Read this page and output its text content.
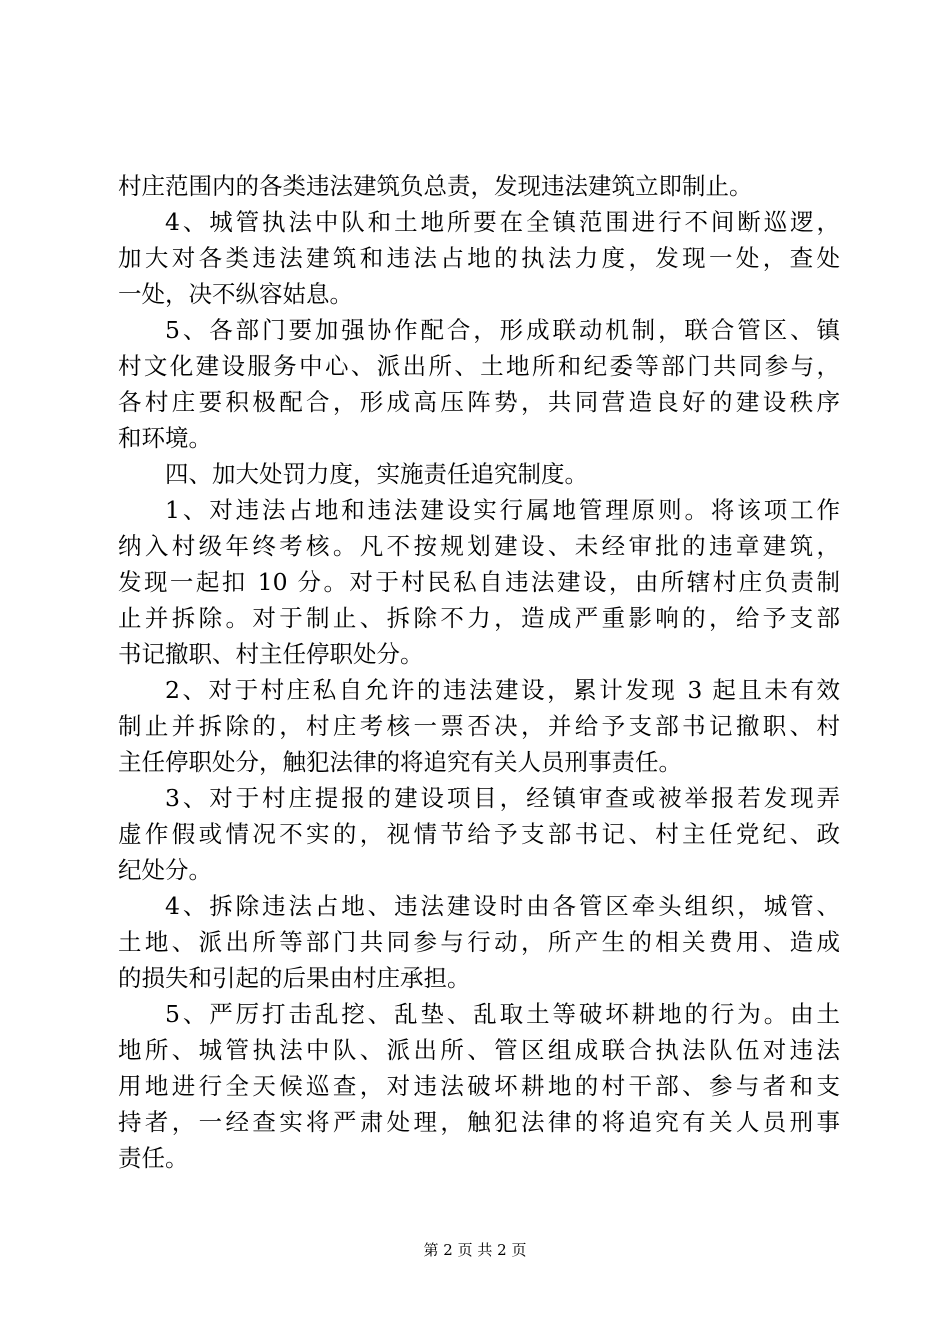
村庄范围内的各类违法建筑负总责，发现违法建筑立即制止。
4、城管执法中队和土地所要在全镇范围进行不间断巡逻，
加大对各类违法建筑和违法占地的执法力度，发现一处，查处
一处，决不纵容姑息。
5、各部门要加强协作配合，形成联动机制，联合管区、镇
村文化建设服务中心、派出所、土地所和纪委等部门共同参与，
各村庄要积极配合，形成高压阵势，共同营造良好的建设秩序
和环境。
四、加大处罚力度，实施责任追究制度。
1、对违法占地和违法建设实行属地管理原则。将该项工作
纳入村级年终考核。凡不按规划建设、未经审批的违章建筑，
发现一起扣 10 分。对于村民私自违法建设，由所辖村庄负责制
止并拆除。对于制止、拆除不力，造成严重影响的，给予支部
书记撤职、村主任停职处分。
2、对于村庄私自允许的违法建设，累计发现 3 起且未有效
制止并拆除的，村庄考核一票否决，并给予支部书记撤职、村
主任停职处分，触犯法律的将追究有关人员刑事责任。
3、对于村庄提报的建设项目，经镇审查或被举报若发现弄
虚作假或情况不实的，视情节给予支部书记、村主任党纪、政
纪处分。
4、拆除违法占地、违法建设时由各管区牵头组织，城管、
土地、派出所等部门共同参与行动，所产生的相关费用、造成
的损失和引起的后果由村庄承担。
5、严厉打击乱挖、乱垫、乱取土等破坏耕地的行为。由土
地所、城管执法中队、派出所、管区组成联合执法队伍对违法
用地进行全天候巡查，对违法破坏耕地的村干部、参与者和支
持者，一经查实将严肃处理，触犯法律的将追究有关人员刑事
责任。
第 2 页 共 2 页
